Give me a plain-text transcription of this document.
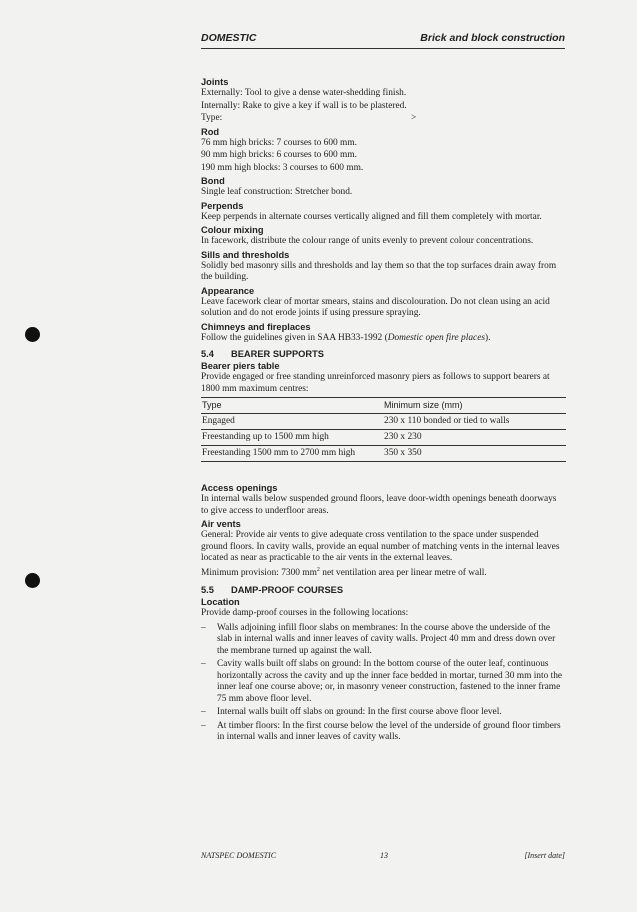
DOMESTIC	Brick and block construction

Joints

Externally: Tool to give a dense water-shedding finish.

Internally: Rake to give a key if wall is to be plastered.

Type:	>

Rod

76 mm high bricks: 7 courses to 600 mm.

90 mm high bricks: 6 courses to 600 mm.

190 mm high blocks: 3 courses to 600 mm.

Bond

Single leaf construction: Stretcher bond.

Perpends

Keep perpends in alternate courses vertically aligned and fill them completely with mortar.

Colour mixing

In facework, distribute the colour range of units evenly to prevent colour concentrations.

Sills and thresholds

Solidly bed masonry sills and thresholds and lay them so that the top surfaces drain away from the building.

Appearance

Leave facework clear of mortar smears, stains and discolouration. Do not clean using an acid solution and do not erode joints if using pressure spraying.

Chimneys and fireplaces

Follow the guidelines given in SAA HB33-1992 (Domestic open fire places).

5.4 BEARER SUPPORTS

Bearer piers table

Provide engaged or free standing unreinforced masonry piers as follows to support bearers at 1800 mm maximum centres:

Type	Minimum size (mm)
Engaged	230 x 110 bonded or tied to walls
Freestanding up to 1500 mm high	230 x 230
Freestanding 1500 mm to 2700 mm high	350 x 350

Access openings

In internal walls below suspended ground floors, leave door-width openings beneath doorways to give access to underfloor areas.

Air vents

General: Provide air vents to give adequate cross ventilation to the space under suspended ground floors. In cavity walls, provide an equal number of matching vents in the internal leaves located as near as practicable to the air vents in the external leaves.

Minimum provision: 7300 $mm^2$ net ventilation area per linear metre of wall.

5.5 DAMP-PROOF COURSES

Location

Provide damp-proof courses in the following locations:

– Walls adjoining infill floor slabs on membranes: In the course above the underside of the slab in internal walls and inner leaves of cavity walls. Project 40 mm and dress down over the membrane turned up against the wall.
– Cavity walls built off slabs on ground: In the bottom course of the outer leaf, continuous horizontally across the cavity and up the inner face bedded in mortar, turned 30 mm into the inner leaf one course above; or, in masonry veneer construction, fastened to the inner frame 75 mm above floor level.
– Internal walls built off slabs on ground: In the first course above floor level.
– At timber floors: In the first course below the level of the underside of ground floor timbers in internal walls and inner leaves of cavity walls.
NATSPEC DOMESTIC	13	[Insert date]
